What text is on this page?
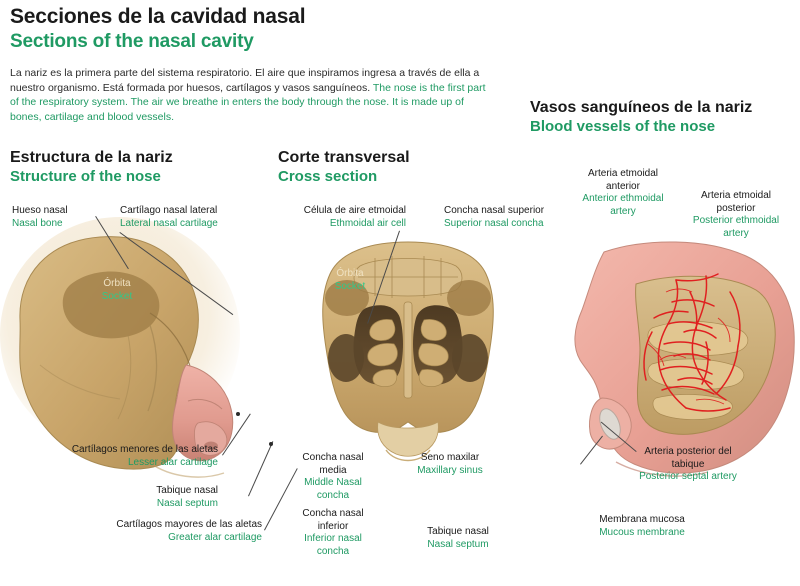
Secciones de la cavidad nasal
Sections of the nasal cavity
La nariz es la primera parte del sistema respiratorio. El aire que inspiramos ingresa a través de ella a nuestro organismo. Está formada por huesos, cartílagos y vasos sanguíneos. The nose is the first part of the respiratory system. The air we breathe in enters the body through the nose. It is made up of bones, cartilage and blood vessels.
Estructura de la nariz
Structure of the nose
Corte transversal
Cross section
Vasos sanguíneos de la nariz
Blood vessels of the nose
Hueso nasal
Nasal bone
Cartílago nasal lateral
Lateral nasal cartilage
Órbita
Socket
Cartílagos menores de las aletas
Lesser alar cartilage
Tabique nasal
Nasal septum
Cartílagos mayores de las aletas
Greater alar cartilage
Célula de aire etmoidal
Ethmoidal air cell
Concha nasal superior
Superior nasal concha
Órbita
Socket
Concha nasal media
Middle Nasal concha
Seno maxilar
Maxillary sinus
Concha nasal inferior
Inferior nasal concha
Tabique nasal
Nasal septum
Arteria etmoidal anterior
Anterior ethmoidal artery
Arteria etmoidal posterior
Posterior ethmoidal artery
Arteria posterior del tabique
Posterior septal artery
Membrana mucosa
Mucous membrane
